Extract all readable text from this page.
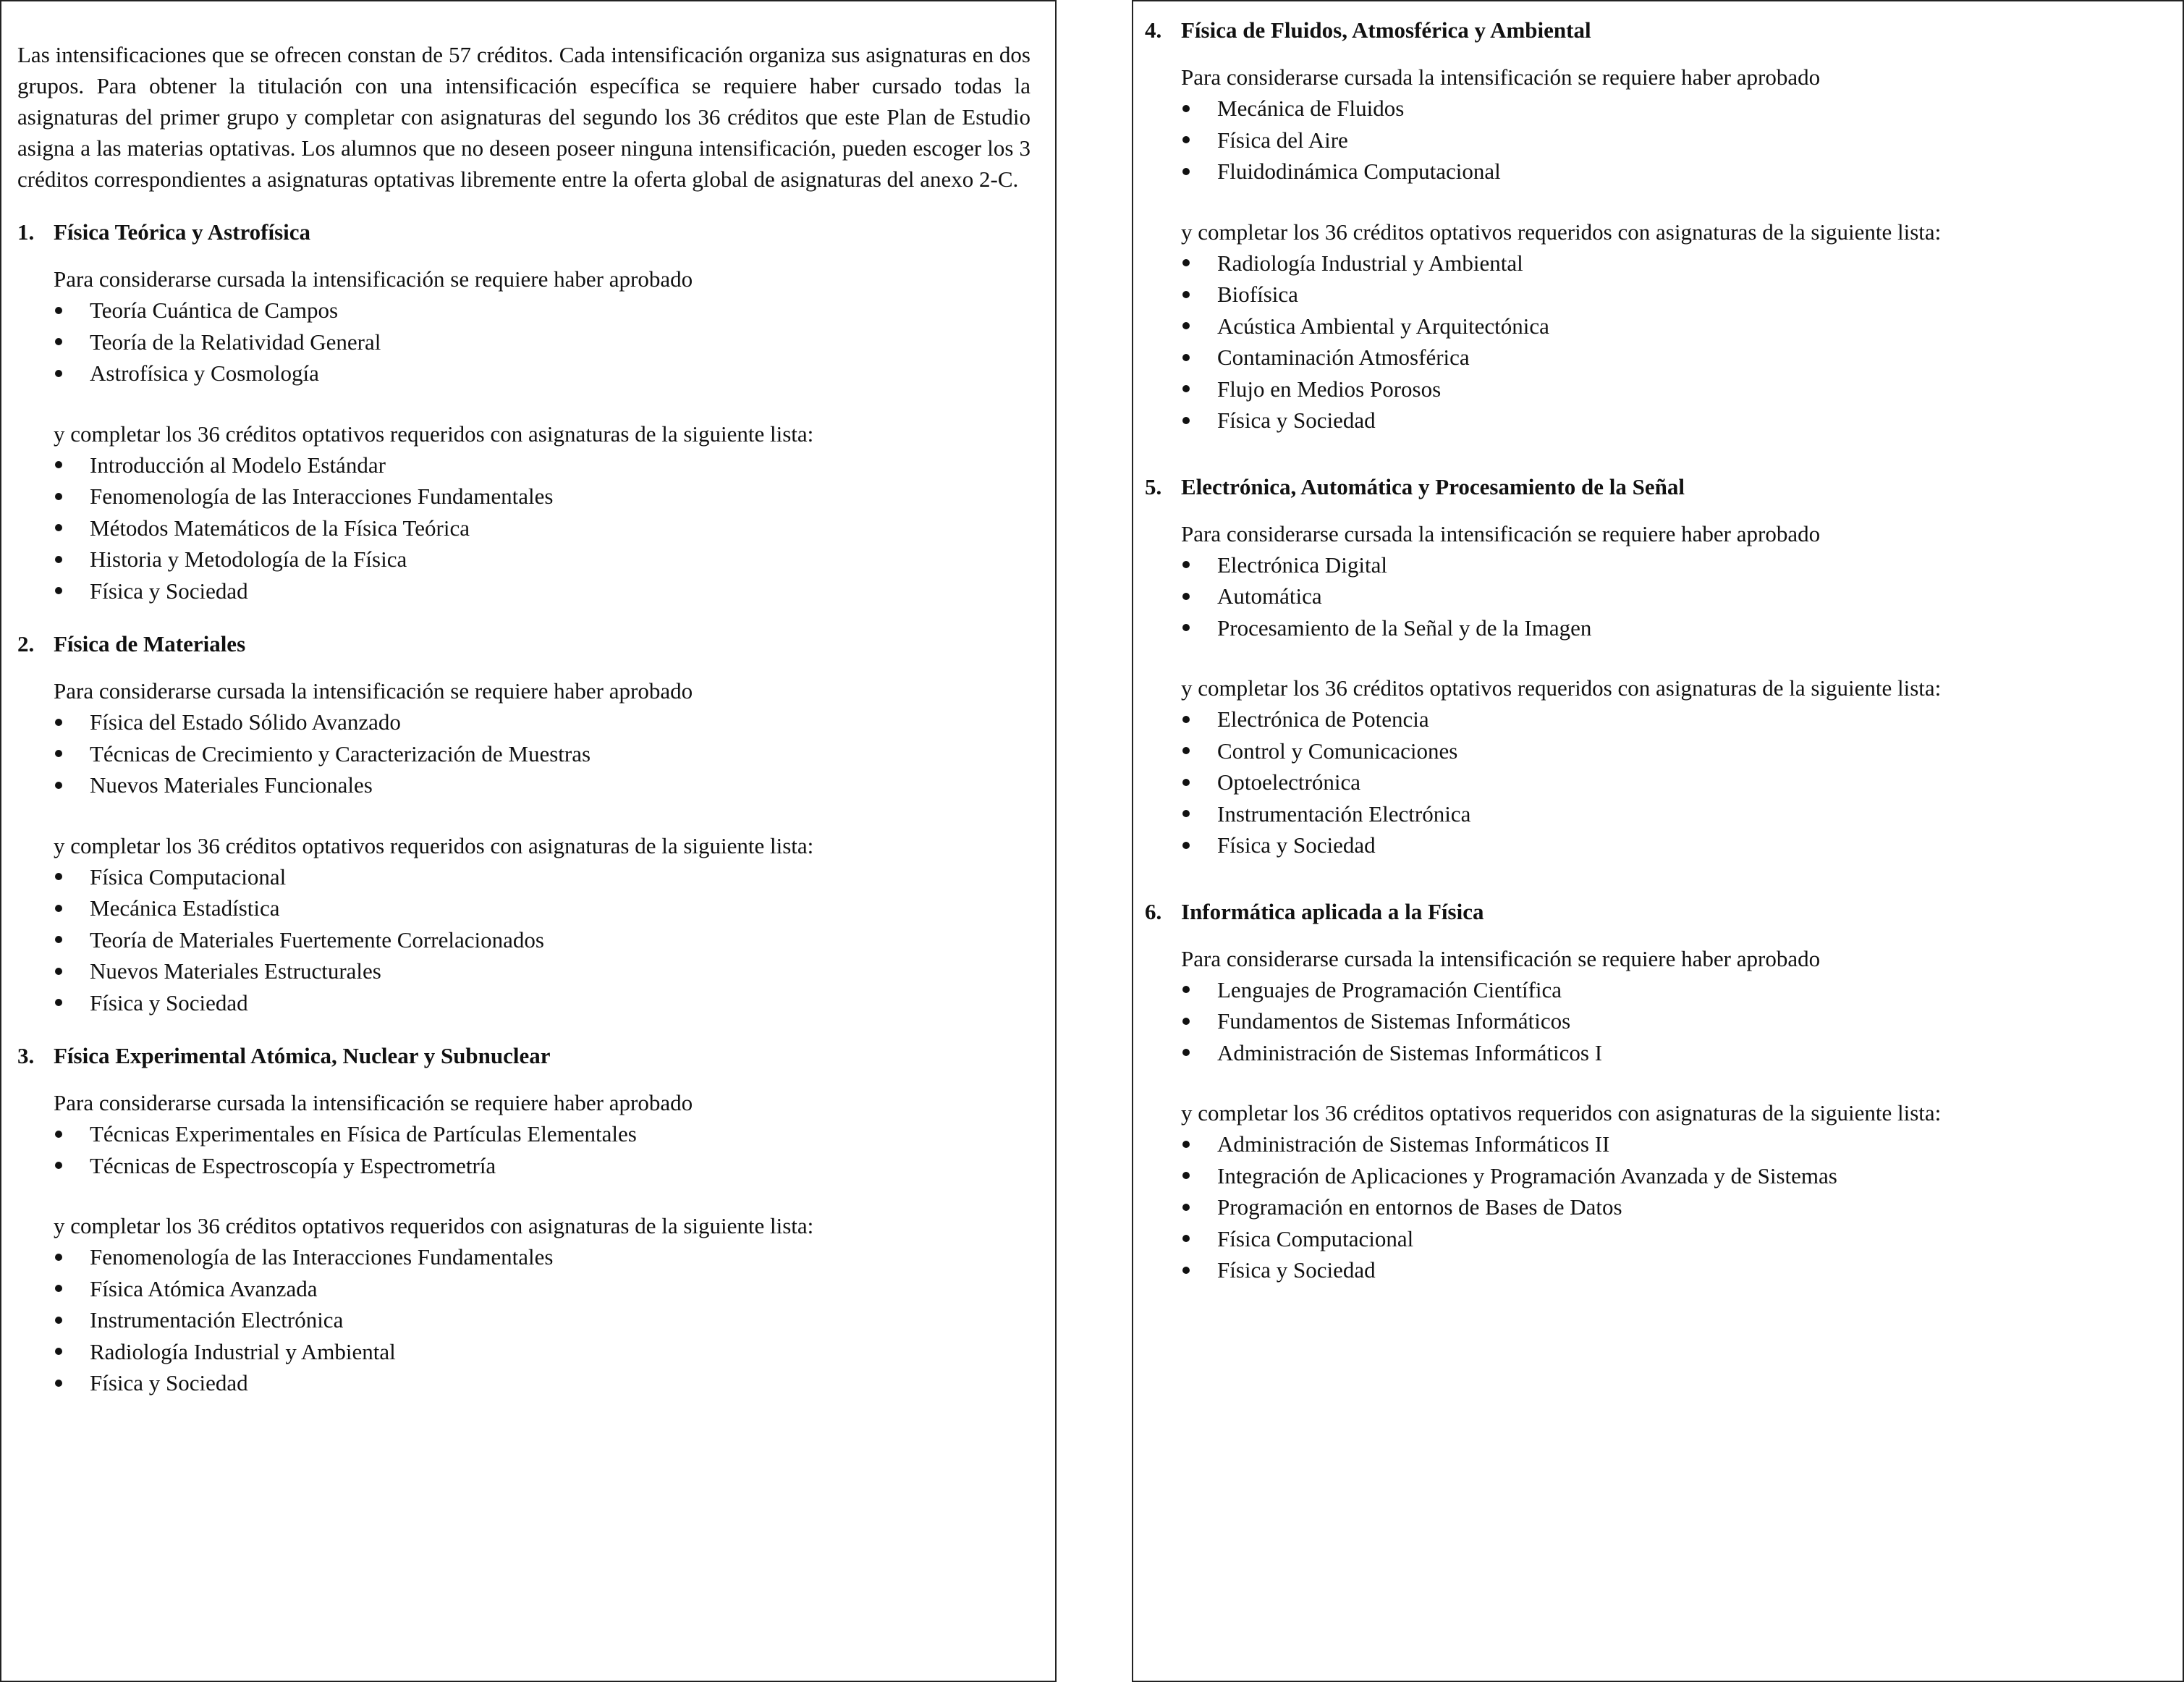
Las intensificaciones que se ofrecen constan de 57 créditos. Cada intensificación organiza sus asignaturas en dos grupos. Para obtener la titulación con una intensificación específica se requiere haber cursado todas la asignaturas del primer grupo y completar con asignaturas del segundo los 36 créditos que este Plan de Estudio asigna a las materias optativas. Los alumnos que no deseen poseer ninguna intensificación, pueden escoger los 3 créditos correspondientes a asignaturas optativas libremente entre la oferta global de asignaturas del anexo 2-C.

1. Física Teórica y Astrofísica
Para considerarse cursada la intensificación se requiere haber aprobado
Teoría Cuántica de Campos
Teoría de la Relatividad General
Astrofísica y Cosmología
y completar los 36 créditos optativos requeridos con asignaturas de la siguiente lista:
Introducción al Modelo Estándar
Fenomenología de las Interacciones Fundamentales
Métodos Matemáticos de la Física Teórica
Historia y Metodología de la Física
Física y Sociedad
2. Física de Materiales
Para considerarse cursada la intensificación se requiere haber aprobado
Física del Estado Sólido Avanzado
Técnicas de Crecimiento y Caracterización de Muestras
Nuevos Materiales Funcionales
y completar los 36 créditos optativos requeridos con asignaturas de la siguiente lista:
Física Computacional
Mecánica Estadística
Teoría de Materiales Fuertemente Correlacionados
Nuevos Materiales Estructurales
Física y Sociedad
3. Física Experimental Atómica, Nuclear y Subnuclear
Para considerarse cursada la intensificación se requiere haber aprobado
Técnicas Experimentales en Física de Partículas Elementales
Técnicas de Espectroscopía y Espectrometría
y completar los 36 créditos optativos requeridos con asignaturas de la siguiente lista:
Fenomenología de las Interacciones Fundamentales
Física Atómica Avanzada
Instrumentación Electrónica
Radiología Industrial y Ambiental
Física y Sociedad
4. Física de Fluidos, Atmosférica y Ambiental
Para considerarse cursada la intensificación se requiere haber aprobado
Mecánica de Fluidos
Física del Aire
Fluidodinámica Computacional
y completar los 36 créditos optativos requeridos con asignaturas de la siguiente lista:
Radiología Industrial y Ambiental
Biofísica
Acústica Ambiental y Arquitectónica
Contaminación Atmosférica
Flujo en Medios Porosos
Física y Sociedad
5. Electrónica, Automática y Procesamiento de la Señal
Para considerarse cursada la intensificación se requiere haber aprobado
Electrónica Digital
Automática
Procesamiento de la Señal y de la Imagen
y completar los 36 créditos optativos requeridos con asignaturas de la siguiente lista:
Electrónica de Potencia
Control y Comunicaciones
Optoelectrónica
Instrumentación Electrónica
Física y Sociedad
6. Informática aplicada a la Física
Para considerarse cursada la intensificación se requiere haber aprobado
Lenguajes de Programación Científica
Fundamentos de Sistemas Informáticos
Administración de Sistemas Informáticos I
y completar los 36 créditos optativos requeridos con asignaturas de la siguiente lista:
Administración de Sistemas Informáticos II
Integración de Aplicaciones y Programación Avanzada y de Sistemas
Programación en entornos de Bases de Datos
Física Computacional
Física y Sociedad
